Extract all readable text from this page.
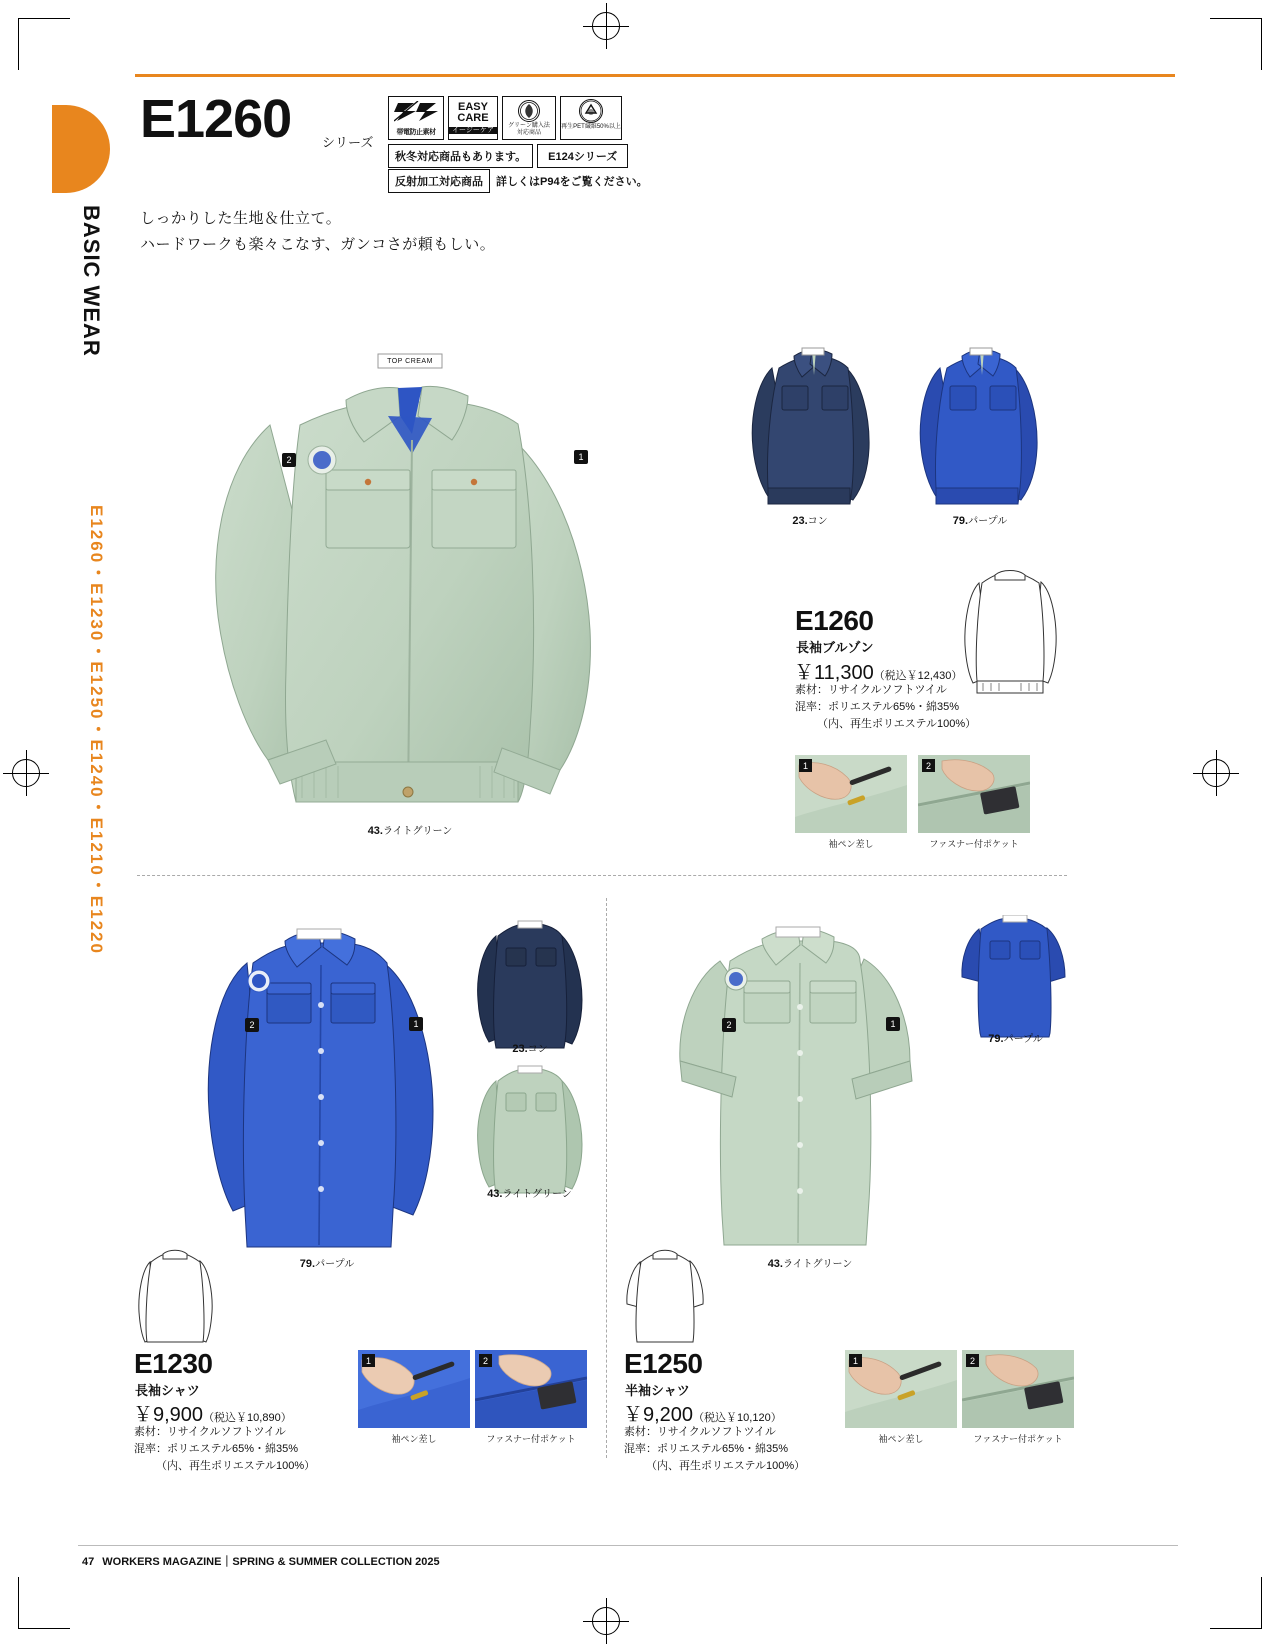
BASIC WEAR
E1260・E1230・E1250・E1240・E1210・E1220
E1260 シリーズ
帯電防止素材
EASY
CARE
イージーケア
グリーン購入法
対応商品
再生PET繊維50%以上
秋冬対応商品もあります。	E124シリーズ
反射加工対応商品	詳しくはP94をご覧ください。
しっかりした生地＆仕立て。
ハードワークも楽々こなす、ガンコさが頼もしい。
TOP CREAM
2	1
43.ライトグリーン
23.コン	79.パープル
E1260
長袖ブルゾン
￥11,300（税込￥12,430）
素材：リサイクルソフトツイル
混率：ポリエステル65%・綿35%
（内、再生ポリエステル100%）
1
袖ペン差し
2
ファスナー付ポケット
2	1
79.パープル
23.コン
43.ライトグリーン
E1230
長袖シャツ
￥9,900（税込￥10,890）
素材：リサイクルソフトツイル
混率：ポリエステル65%・綿35%
（内、再生ポリエステル100%）
1
袖ペン差し
2
ファスナー付ポケット
2	1
43.ライトグリーン
79.パープル
E1250
半袖シャツ
￥9,200（税込￥10,120）
素材：リサイクルソフトツイル
混率：ポリエステル65%・綿35%
（内、再生ポリエステル100%）
1
袖ペン差し
2
ファスナー付ポケット
47 WORKERS MAGAZINE｜SPRING & SUMMER COLLECTION 2025
